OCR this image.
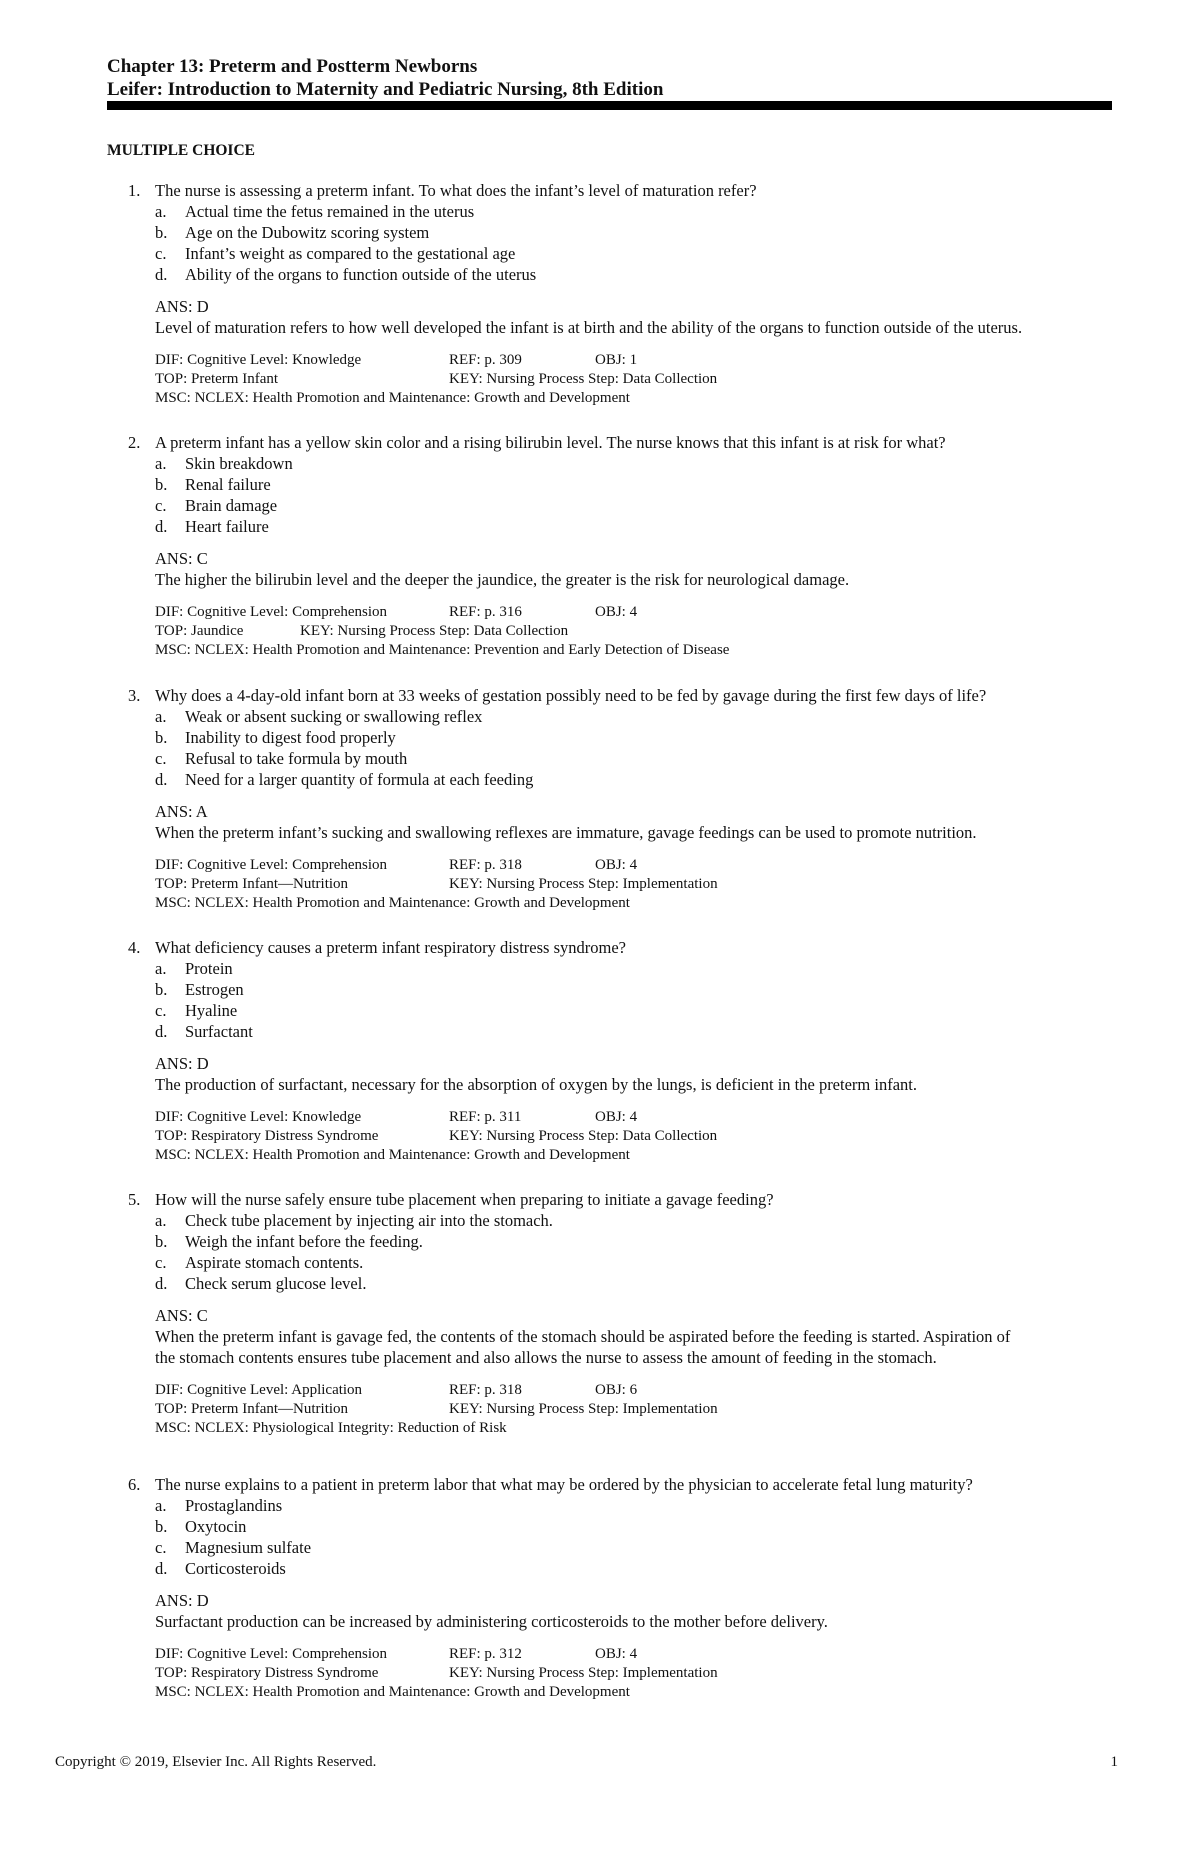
Chapter 13: Preterm and Postterm Newborns
Leifer: Introduction to Maternity and Pediatric Nursing, 8th Edition
MULTIPLE CHOICE
1. The nurse is assessing a preterm infant. To what does the infant’s level of maturation refer?
a. Actual time the fetus remained in the uterus
b. Age on the Dubowitz scoring system
c. Infant’s weight as compared to the gestational age
d. Ability of the organs to function outside of the uterus
ANS: D
Level of maturation refers to how well developed the infant is at birth and the ability of the organs to function outside of the uterus.
DIF: Cognitive Level: Knowledge	REF: p. 309	OBJ: 1
TOP: Preterm Infant	KEY: Nursing Process Step: Data Collection
MSC: NCLEX: Health Promotion and Maintenance: Growth and Development
2. A preterm infant has a yellow skin color and a rising bilirubin level. The nurse knows that this infant is at risk for what?
a. Skin breakdown
b. Renal failure
c. Brain damage
d. Heart failure
ANS: C
The higher the bilirubin level and the deeper the jaundice, the greater is the risk for neurological damage.
DIF: Cognitive Level: Comprehension	REF: p. 316	OBJ: 4
TOP: Jaundice	KEY: Nursing Process Step: Data Collection
MSC: NCLEX: Health Promotion and Maintenance: Prevention and Early Detection of Disease
3. Why does a 4-day-old infant born at 33 weeks of gestation possibly need to be fed by gavage during the first few days of life?
a. Weak or absent sucking or swallowing reflex
b. Inability to digest food properly
c. Refusal to take formula by mouth
d. Need for a larger quantity of formula at each feeding
ANS: A
When the preterm infant’s sucking and swallowing reflexes are immature, gavage feedings can be used to promote nutrition.
DIF: Cognitive Level: Comprehension	REF: p. 318	OBJ: 4
TOP: Preterm Infant—Nutrition	KEY: Nursing Process Step: Implementation
MSC: NCLEX: Health Promotion and Maintenance: Growth and Development
4. What deficiency causes a preterm infant respiratory distress syndrome?
a. Protein
b. Estrogen
c. Hyaline
d. Surfactant
ANS: D
The production of surfactant, necessary for the absorption of oxygen by the lungs, is deficient in the preterm infant.
DIF: Cognitive Level: Knowledge	REF: p. 311	OBJ: 4
TOP: Respiratory Distress Syndrome	KEY: Nursing Process Step: Data Collection
MSC: NCLEX: Health Promotion and Maintenance: Growth and Development
5. How will the nurse safely ensure tube placement when preparing to initiate a gavage feeding?
a. Check tube placement by injecting air into the stomach.
b. Weigh the infant before the feeding.
c. Aspirate stomach contents.
d. Check serum glucose level.
ANS: C
When the preterm infant is gavage fed, the contents of the stomach should be aspirated before the feeding is started. Aspiration of
the stomach contents ensures tube placement and also allows the nurse to assess the amount of feeding in the stomach.
DIF: Cognitive Level: Application	REF: p. 318	OBJ: 6
TOP: Preterm Infant—Nutrition	KEY: Nursing Process Step: Implementation
MSC: NCLEX: Physiological Integrity: Reduction of Risk
6. The nurse explains to a patient in preterm labor that what may be ordered by the physician to accelerate fetal lung maturity?
a. Prostaglandins
b. Oxytocin
c. Magnesium sulfate
d. Corticosteroids
ANS: D
Surfactant production can be increased by administering corticosteroids to the mother before delivery.
DIF: Cognitive Level: Comprehension	REF: p. 312	OBJ: 4
TOP: Respiratory Distress Syndrome	KEY: Nursing Process Step: Implementation
MSC: NCLEX: Health Promotion and Maintenance: Growth and Development
Copyright © 2019, Elsevier Inc. All Rights Reserved.	1
